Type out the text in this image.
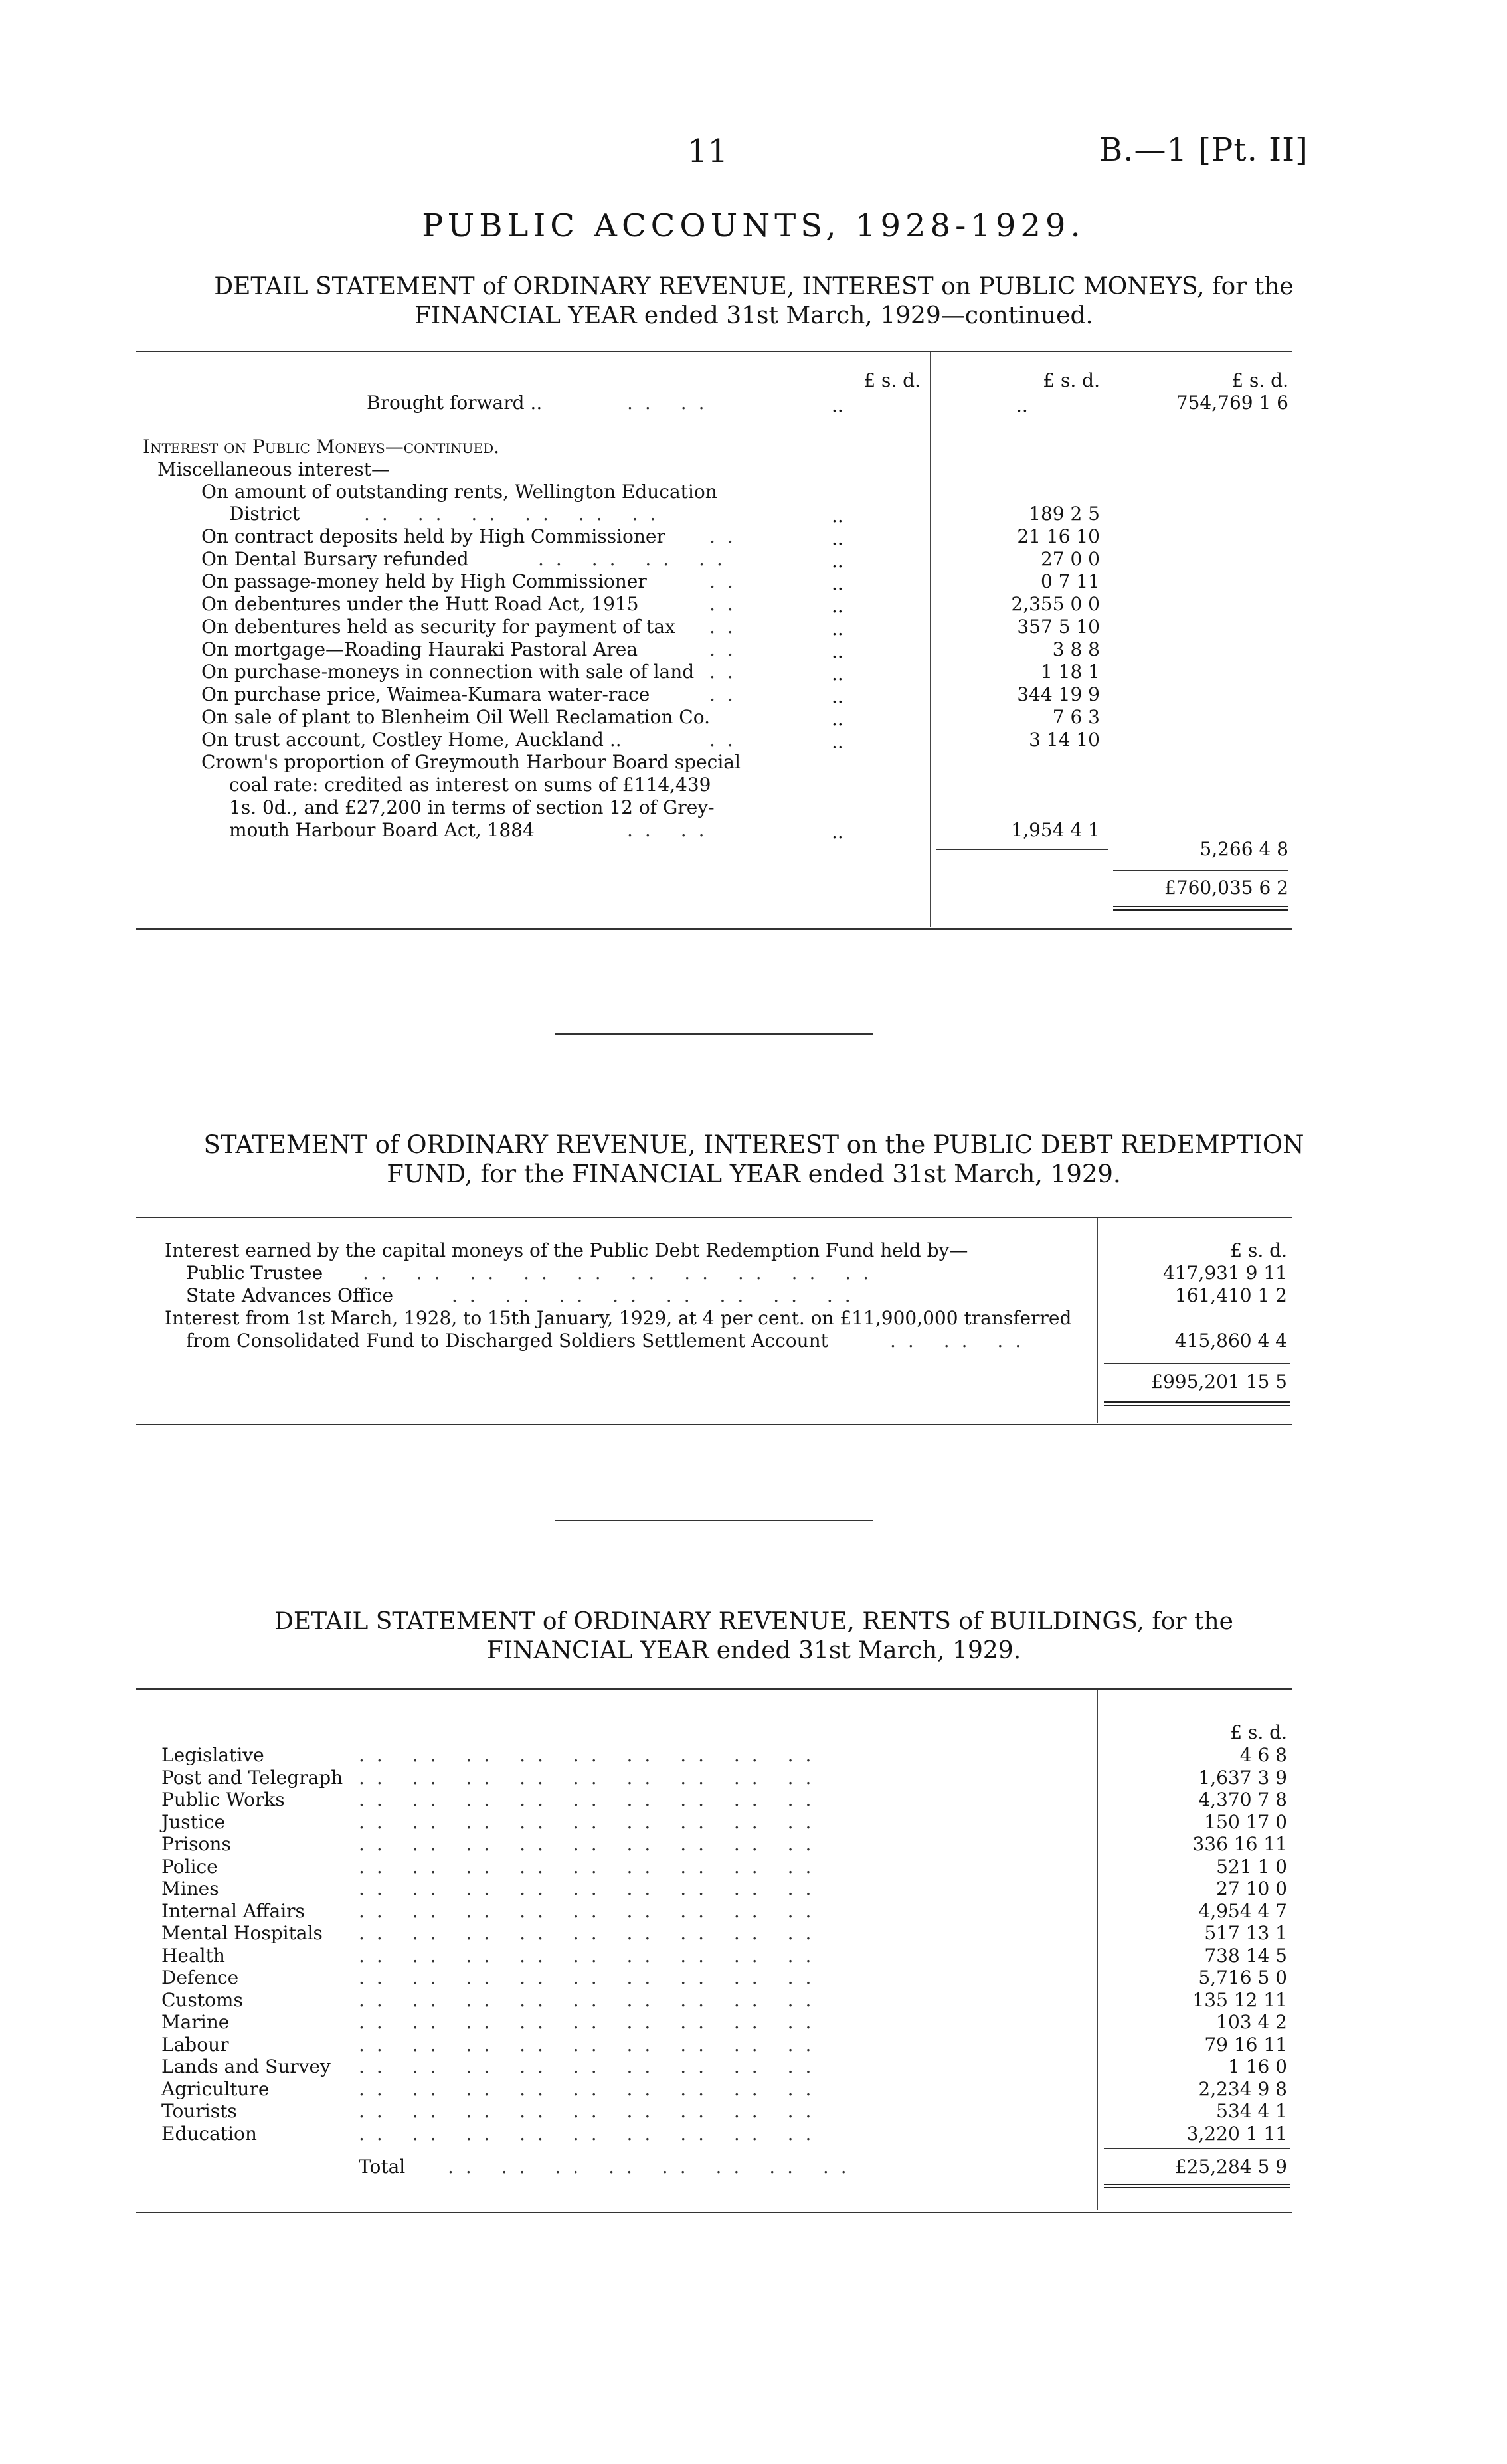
11	B.—1 [Pt. II]
PUBLIC ACCOUNTS, 1928-1929.

DETAIL STATEMENT of ORDINARY REVENUE, INTEREST on PUBLIC MONEYS, for the

FINANCIAL YEAR ended 31st March, 1929—continued.

£ s. d.	£ s. d.	£ s. d.
Brought forward ..	.. ..	..	..	754,769 1 6
Interest on Public Moneys—continued.
Miscellaneous interest—
On amount of outstanding rents, Wellington Education
District	.. .. .. .. .. ..	..	189 2 5
On contract deposits held by High Commissioner ..	..	21 16 10
On Dental Bursary refunded	.. .. .. ..	..	27 0 0
On passage-money held by High Commissioner	..	..	0 7 11
On debentures under the Hutt Road Act, 1915	..	..	2,355 0 0
On debentures held as security for payment of tax ..	..	357 5 10
On mortgage—Roading Hauraki Pastoral Area	..	..	3 8 8
On purchase-moneys in connection with sale of land ..	..	1 18 1
On purchase price, Waimea-Kumara water-race	..	..	344 19 9
On sale of plant to Blenheim Oil Well Reclamation Co.	..	7 6 3
On trust account, Costley Home, Auckland ..	..	..	3 14 10
Crown's proportion of Greymouth Harbour Board special
coal rate: credited as interest on sums of £114,439
1s. 0d., and £27,200 in terms of section 12 of Grey-
mouth Harbour Board Act, 1884	.. ..	..	1,954 4 1
5,266 4 8
£760,035 6 2

STATEMENT of ORDINARY REVENUE, INTEREST on the PUBLIC DEBT REDEMPTION

FUND, for the FINANCIAL YEAR ended 31st March, 1929.

£ s. d.
Interest earned by the capital moneys of the Public Debt Redemption Fund held by—
Public Trustee .. .. .. .. .. .. .. .. .. ..	417,931 9 11
State Advances Office	.. .. .. .. .. .. .. ..	161,410 1 2
Interest from 1st March, 1928, to 15th January, 1929, at 4 per cent. on £11,900,000 transferred
from Consolidated Fund to Discharged Soldiers Settlement Account	.. .. ..	415,860 4 4
£995,201 15 5

DETAIL STATEMENT of ORDINARY REVENUE, RENTS of BUILDINGS, for the

FINANCIAL YEAR ended 31st March, 1929.

£ s. d.
Legislative	.. .. .. .. .. .. .. .. ..	4 6 8
Post and Telegraph .. .. .. .. .. .. .. .. ..	1,637 3 9
Public Works	.. .. .. .. .. .. .. .. ..	4,370 7 8
Justice	.. .. .. .. .. .. .. .. ..	150 17 0
Prisons	.. .. .. .. .. .. .. .. ..	336 16 11
Police	.. .. .. .. .. .. .. .. ..	521 1 0
Mines	.. .. .. .. .. .. .. .. ..	27 10 0
Internal Affairs	.. .. .. .. .. .. .. .. ..	4,954 4 7
Mental Hospitals .. .. .. .. .. .. .. .. ..	517 13 1
Health	.. .. .. .. .. .. .. .. ..	738 14 5
Defence	.. .. .. .. .. .. .. .. ..	5,716 5 0
Customs	.. .. .. .. .. .. .. .. ..	135 12 11
Marine	.. .. .. .. .. .. .. .. ..	103 4 2
Labour	.. .. .. .. .. .. .. .. ..	79 16 11
Lands and Survey .. .. .. .. .. .. .. .. ..	1 16 0
Agriculture	.. .. .. .. .. .. .. .. ..	2,234 9 8
Tourists	.. .. .. .. .. .. .. .. ..	534 4 1
Education	.. .. .. .. .. .. .. .. ..	3,220 1 11
Total .. .. .. .. .. .. .. ..	£25,284 5 9
